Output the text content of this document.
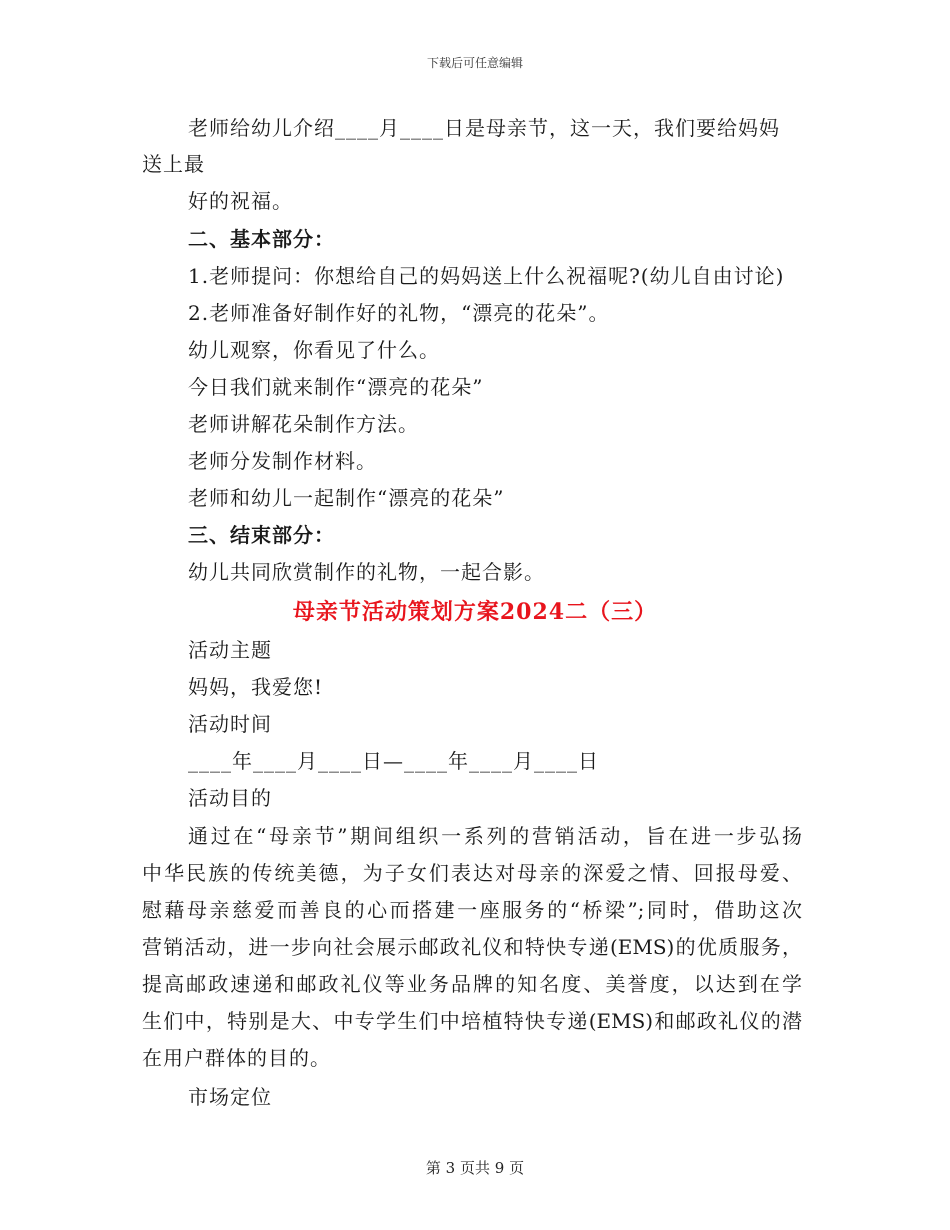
下载后可任意编辑
老师给幼儿介绍____月____日是母亲节，这一天，我们要给妈妈
送上最
好的祝福。
二、基本部分：
1.老师提问：你想给自己的妈妈送上什么祝福呢?(幼儿自由讨论)
2.老师准备好制作好的礼物，“漂亮的花朵”。
幼儿观察，你看见了什么。
今日我们就来制作“漂亮的花朵”
老师讲解花朵制作方法。
老师分发制作材料。
老师和幼儿一起制作“漂亮的花朵”
三、结束部分：
幼儿共同欣赏制作的礼物，一起合影。
母亲节活动策划方案2024二（三）
活动主题
妈妈，我爱您!
活动时间
____年____月____日—____年____月____日
活动目的
通过在“母亲节”期间组织一系列的营销活动，旨在进一步弘扬
中华民族的传统美德，为子女们表达对母亲的深爱之情、回报母爱、
慰藉母亲慈爱而善良的心而搭建一座服务的“桥梁”;同时，借助这次
营销活动，进一步向社会展示邮政礼仪和特快专递(EMS)的优质服务，
提高邮政速递和邮政礼仪等业务品牌的知名度、美誉度，以达到在学
生们中，特别是大、中专学生们中培植特快专递(EMS)和邮政礼仪的潜
在用户群体的目的。
市场定位
第 3 页共 9 页
